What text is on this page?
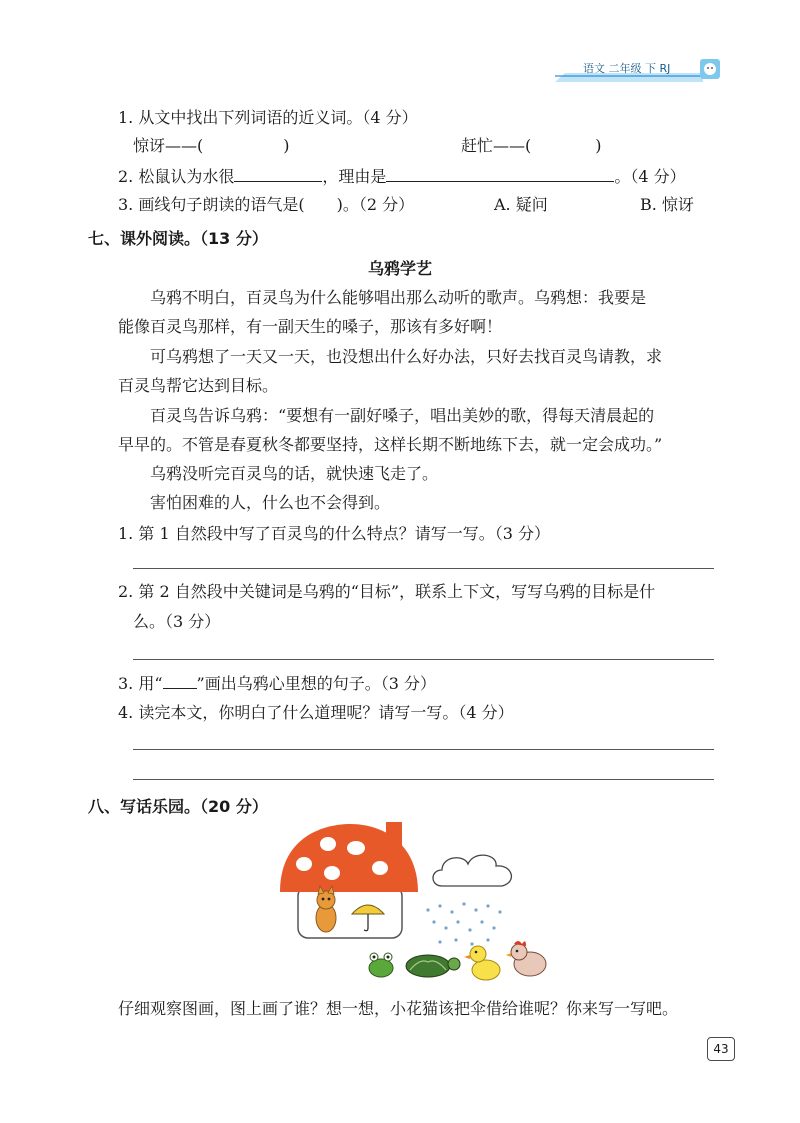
语文 二年级 下 RJ
1. 从文中找出下列词语的近义词。（4 分）
惊讶——(　　　　　)	赶忙——(　　　　)
2. 松鼠认为水很	，理由是	。（4 分）
3. 画线句子朗读的语气是(　　)。（2 分）	A. 疑问	B. 惊讶
七、课外阅读。（13 分）
乌鸦学艺
乌鸦不明白，百灵鸟为什么能够唱出那么动听的歌声。乌鸦想：我要是
能像百灵鸟那样，有一副天生的嗓子，那该有多好啊！
可乌鸦想了一天又一天，也没想出什么好办法，只好去找百灵鸟请教，求
百灵鸟帮它达到目标。
百灵鸟告诉乌鸦：“要想有一副好嗓子，唱出美妙的歌，得每天清晨起的
早早的。不管是春夏秋冬都要坚持，这样长期不断地练下去，就一定会成功。”
乌鸦没听完百灵鸟的话，就快速飞走了。
害怕困难的人，什么也不会得到。
1. 第 1 自然段中写了百灵鸟的什么特点？请写一写。（3 分）
2. 第 2 自然段中关键词是乌鸦的“目标”，联系上下文，写写乌鸦的目标是什
么。（3 分）
3. 用“ ”画出乌鸦心里想的句子。（3 分）
4. 读完本文，你明白了什么道理呢？请写一写。（4 分）
八、写话乐园。（20 分）
仔细观察图画，图上画了谁？想一想，小花猫该把伞借给谁呢？你来写一写吧。
43
